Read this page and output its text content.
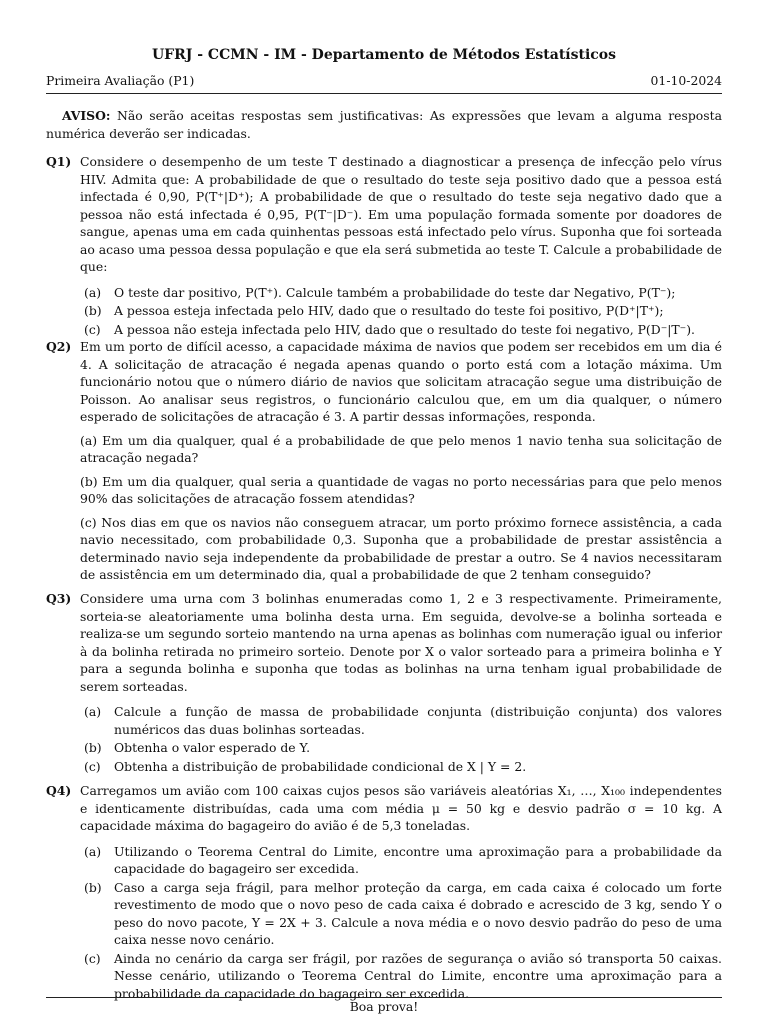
UFRJ - CCMN - IM - Departamento de Métodos Estatísticos
Primeira Avaliação (P1)	01-10-2024
AVISO: Não serão aceitas respostas sem justificativas: As expressões que levam a alguma resposta numérica deverão ser indicadas.
Q1) Considere o desempenho de um teste T destinado a diagnosticar a presença de infecção pelo vírus HIV. Admita que: A probabilidade de que o resultado do teste seja positivo dado que a pessoa está infectada é 0,90, P(T⁺|D⁺); A probabilidade de que o resultado do teste seja negativo dado que a pessoa não está infectada é 0,95, P(T⁻|D⁻). Em uma população formada somente por doadores de sangue, apenas uma em cada quinhentas pessoas está infectado pelo vírus. Suponha que foi sorteada ao acaso uma pessoa dessa população e que ela será submetida ao teste T. Calcule a probabilidade de que:

(a)	O teste dar positivo, P(T⁺). Calcule também a probabilidade do teste dar Negativo, P(T⁻);
(b) A pessoa esteja infectada pelo HIV, dado que o resultado do teste foi positivo, P(D⁺|T⁺);
(c)	A pessoa não esteja infectada pelo HIV, dado que o resultado do teste foi negativo, P(D⁻|T⁻).
Q2) Em um porto de difícil acesso, a capacidade máxima de navios que podem ser recebidos em um dia é 4. A solicitação de atracação é negada apenas quando o porto está com a lotação máxima. Um funcionário notou que o número diário de navios que solicitam atracação segue uma distribuição de Poisson. Ao analisar seus registros, o funcionário calculou que, em um dia qualquer, o número esperado de solicitações de atracação é 3. A partir dessas informações, responda.

(a) Em um dia qualquer, qual é a probabilidade de que pelo menos 1 navio tenha sua solicitação de atracação negada?
(b) Em um dia qualquer, qual seria a quantidade de vagas no porto necessárias para que pelo menos 90% das solicitações de atracação fossem atendidas?
(c) Nos dias em que os navios não conseguem atracar, um porto próximo fornece assistência, a cada navio necessitado, com probabilidade 0,3. Suponha que a probabilidade de prestar assistência a determinado navio seja independente da probabilidade de prestar a outro. Se 4 navios necessitaram de assistência em um determinado dia, qual a probabilidade de que 2 tenham conseguido?
Q3) Considere uma urna com 3 bolinhas enumeradas como 1, 2 e 3 respectivamente. Primeiramente, sorteia-se aleatoriamente uma bolinha desta urna. Em seguida, devolve-se a bolinha sorteada e realiza-se um segundo sorteio mantendo na urna apenas as bolinhas com numeração igual ou inferior à da bolinha retirada no primeiro sorteio. Denote por X o valor sorteado para a primeira bolinha e Y para a segunda bolinha e suponha que todas as bolinhas na urna tenham igual probabilidade de serem sorteadas.

(a)	Calcule a função de massa de probabilidade conjunta (distribuição conjunta) dos valores numéricos das duas bolinhas sorteadas.
(b) Obtenha o valor esperado de Y.
(c)	Obtenha a distribuição de probabilidade condicional de X | Y = 2.
Q4) Carregamos um avião com 100 caixas cujos pesos são variáveis aleatórias X₁, …, X₁₀₀ independentes e identicamente distribuídas, cada uma com média μ = 50 kg e desvio padrão σ = 10 kg. A capacidade máxima do bagageiro do avião é de 5,3 toneladas.

(a)	Utilizando o Teorema Central do Limite, encontre uma aproximação para a probabilidade da capacidade do bagageiro ser excedida.
(b) Caso a carga seja frágil, para melhor proteção da carga, em cada caixa é colocado um forte revestimento de modo que o novo peso de cada caixa é dobrado e acrescido de 3 kg, sendo Y o peso do novo pacote, Y = 2X + 3. Calcule a nova média e o novo desvio padrão do peso de uma caixa nesse novo cenário.
(c)	Ainda no cenário da carga ser frágil, por razões de segurança o avião só transporta 50 caixas. Nesse cenário, utilizando o Teorema Central do Limite, encontre uma aproximação para a probabilidade da capacidade do bagageiro ser excedida.
Boa prova!
